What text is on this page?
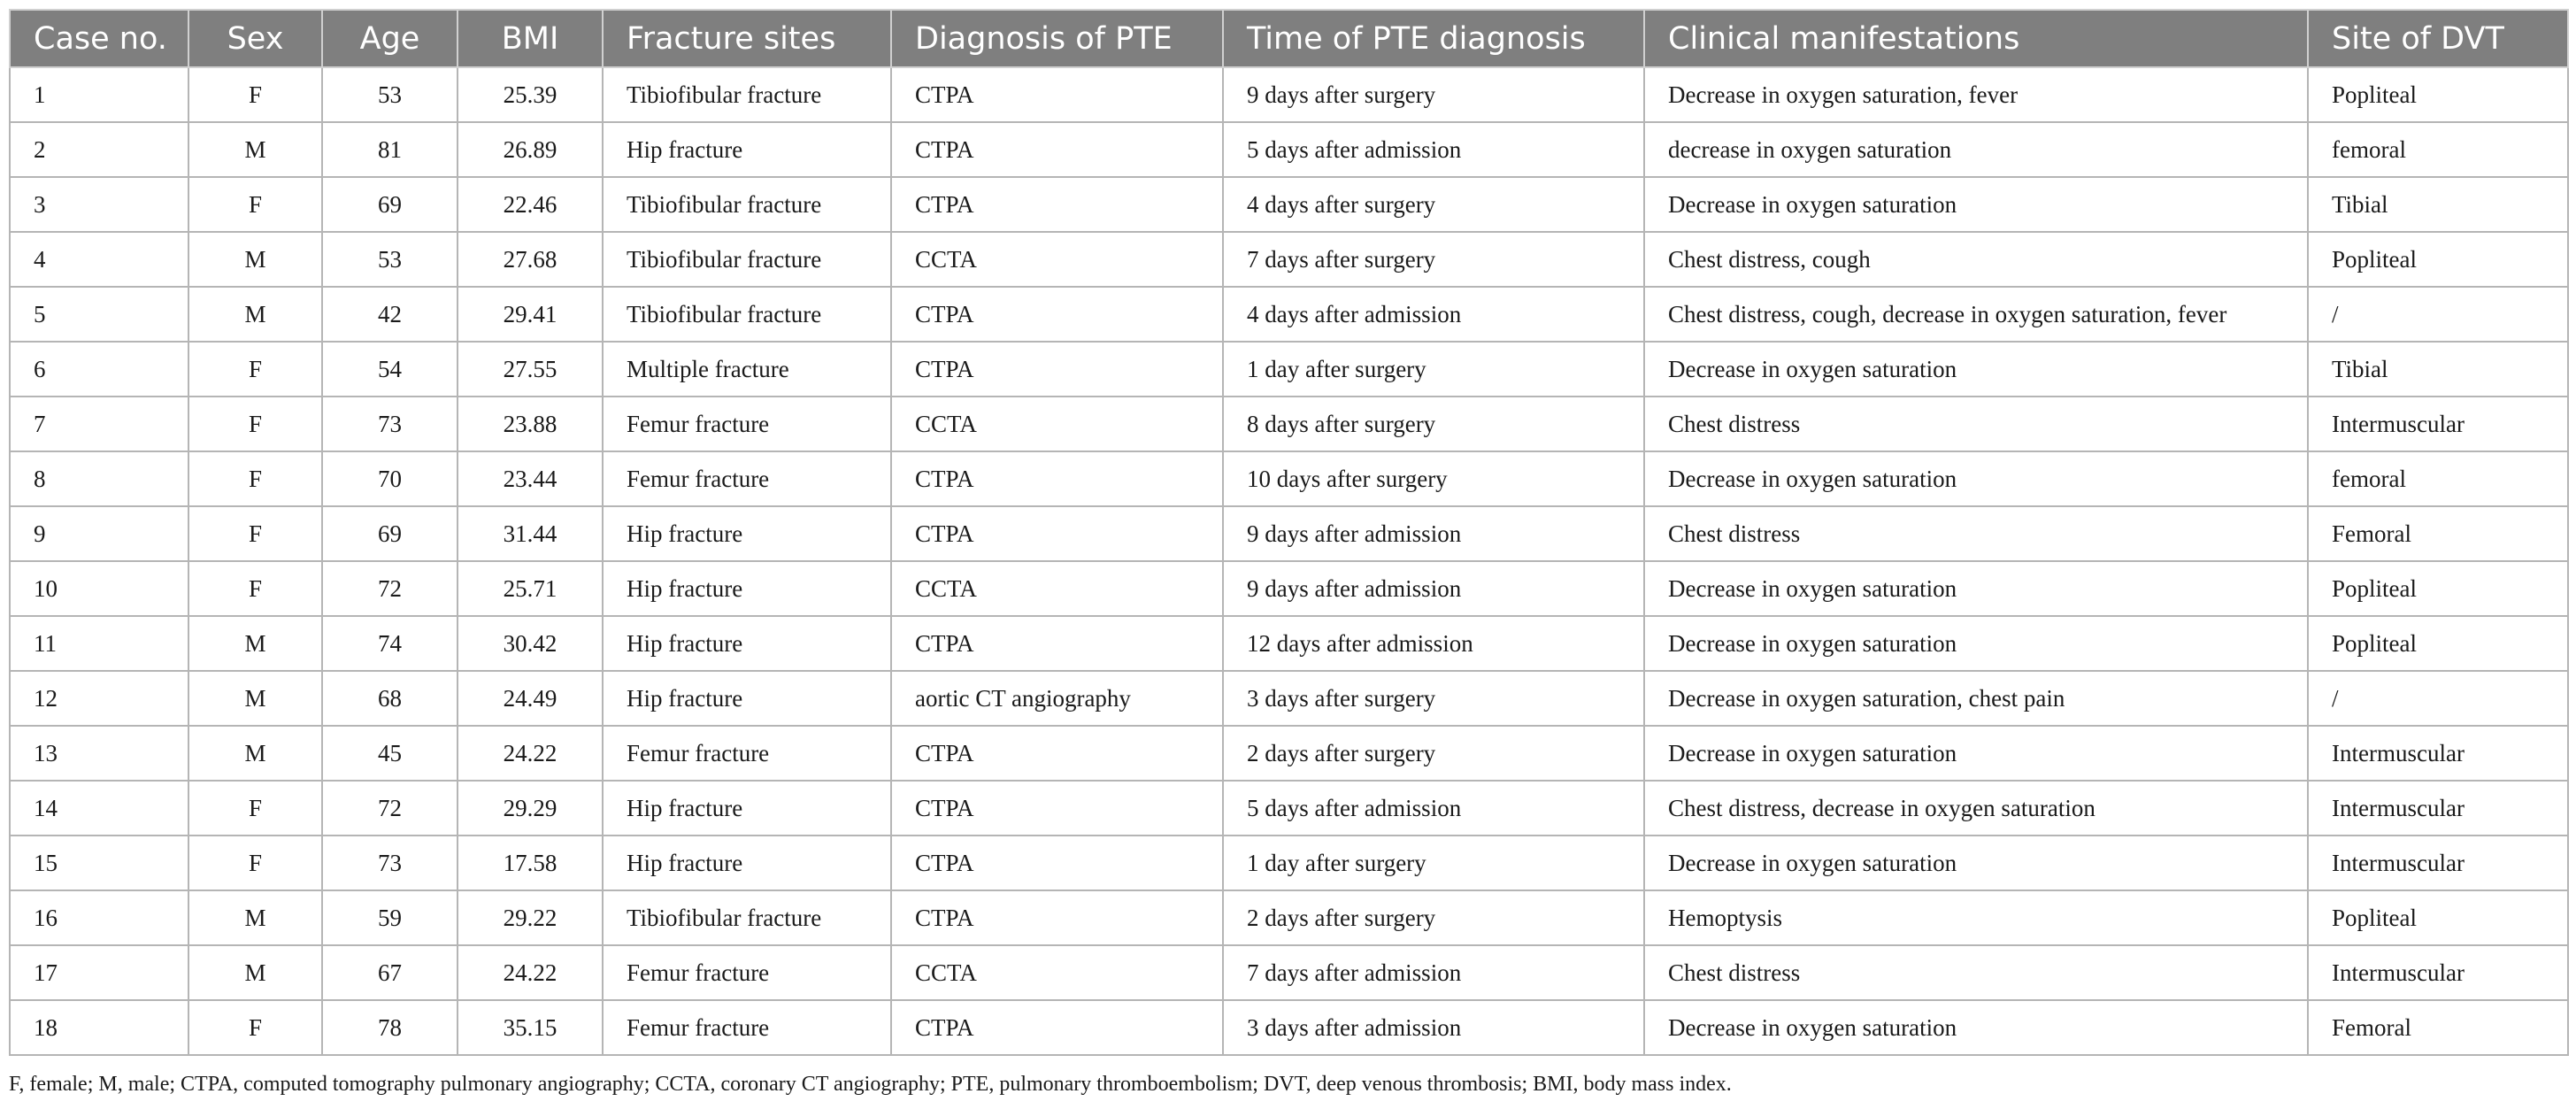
Case no.	Sex	Age	BMI	Fracture sites	Diagnosis of PTE	Time of PTE diagnosis	Clinical manifestations	Site of DVT
1	F	53	25.39	Tibiofibular fracture	CTPA	9 days after surgery	Decrease in oxygen saturation, fever	Popliteal
2	M	81	26.89	Hip fracture	CTPA	5 days after admission	decrease in oxygen saturation	femoral
3	F	69	22.46	Tibiofibular fracture	CTPA	4 days after surgery	Decrease in oxygen saturation	Tibial
4	M	53	27.68	Tibiofibular fracture	CCTA	7 days after surgery	Chest distress, cough	Popliteal
5	M	42	29.41	Tibiofibular fracture	CTPA	4 days after admission	Chest distress, cough, decrease in oxygen saturation, fever	/
6	F	54	27.55	Multiple fracture	CTPA	1 day after surgery	Decrease in oxygen saturation	Tibial
7	F	73	23.88	Femur fracture	CCTA	8 days after surgery	Chest distress	Intermuscular
8	F	70	23.44	Femur fracture	CTPA	10 days after surgery	Decrease in oxygen saturation	femoral
9	F	69	31.44	Hip fracture	CTPA	9 days after admission	Chest distress	Femoral
10	F	72	25.71	Hip fracture	CCTA	9 days after admission	Decrease in oxygen saturation	Popliteal
11	M	74	30.42	Hip fracture	CTPA	12 days after admission	Decrease in oxygen saturation	Popliteal
12	M	68	24.49	Hip fracture	aortic CT angiography	3 days after surgery	Decrease in oxygen saturation, chest pain	/
13	M	45	24.22	Femur fracture	CTPA	2 days after surgery	Decrease in oxygen saturation	Intermuscular
14	F	72	29.29	Hip fracture	CTPA	5 days after admission	Chest distress, decrease in oxygen saturation	Intermuscular
15	F	73	17.58	Hip fracture	CTPA	1 day after surgery	Decrease in oxygen saturation	Intermuscular
16	M	59	29.22	Tibiofibular fracture	CTPA	2 days after surgery	Hemoptysis	Popliteal
17	M	67	24.22	Femur fracture	CCTA	7 days after admission	Chest distress	Intermuscular
18	F	78	35.15	Femur fracture	CTPA	3 days after admission	Decrease in oxygen saturation	Femoral
F, female; M, male; CTPA, computed tomography pulmonary angiography; CCTA, coronary CT angiography; PTE, pulmonary thromboembolism; DVT, deep venous thrombosis; BMI, body mass index.
